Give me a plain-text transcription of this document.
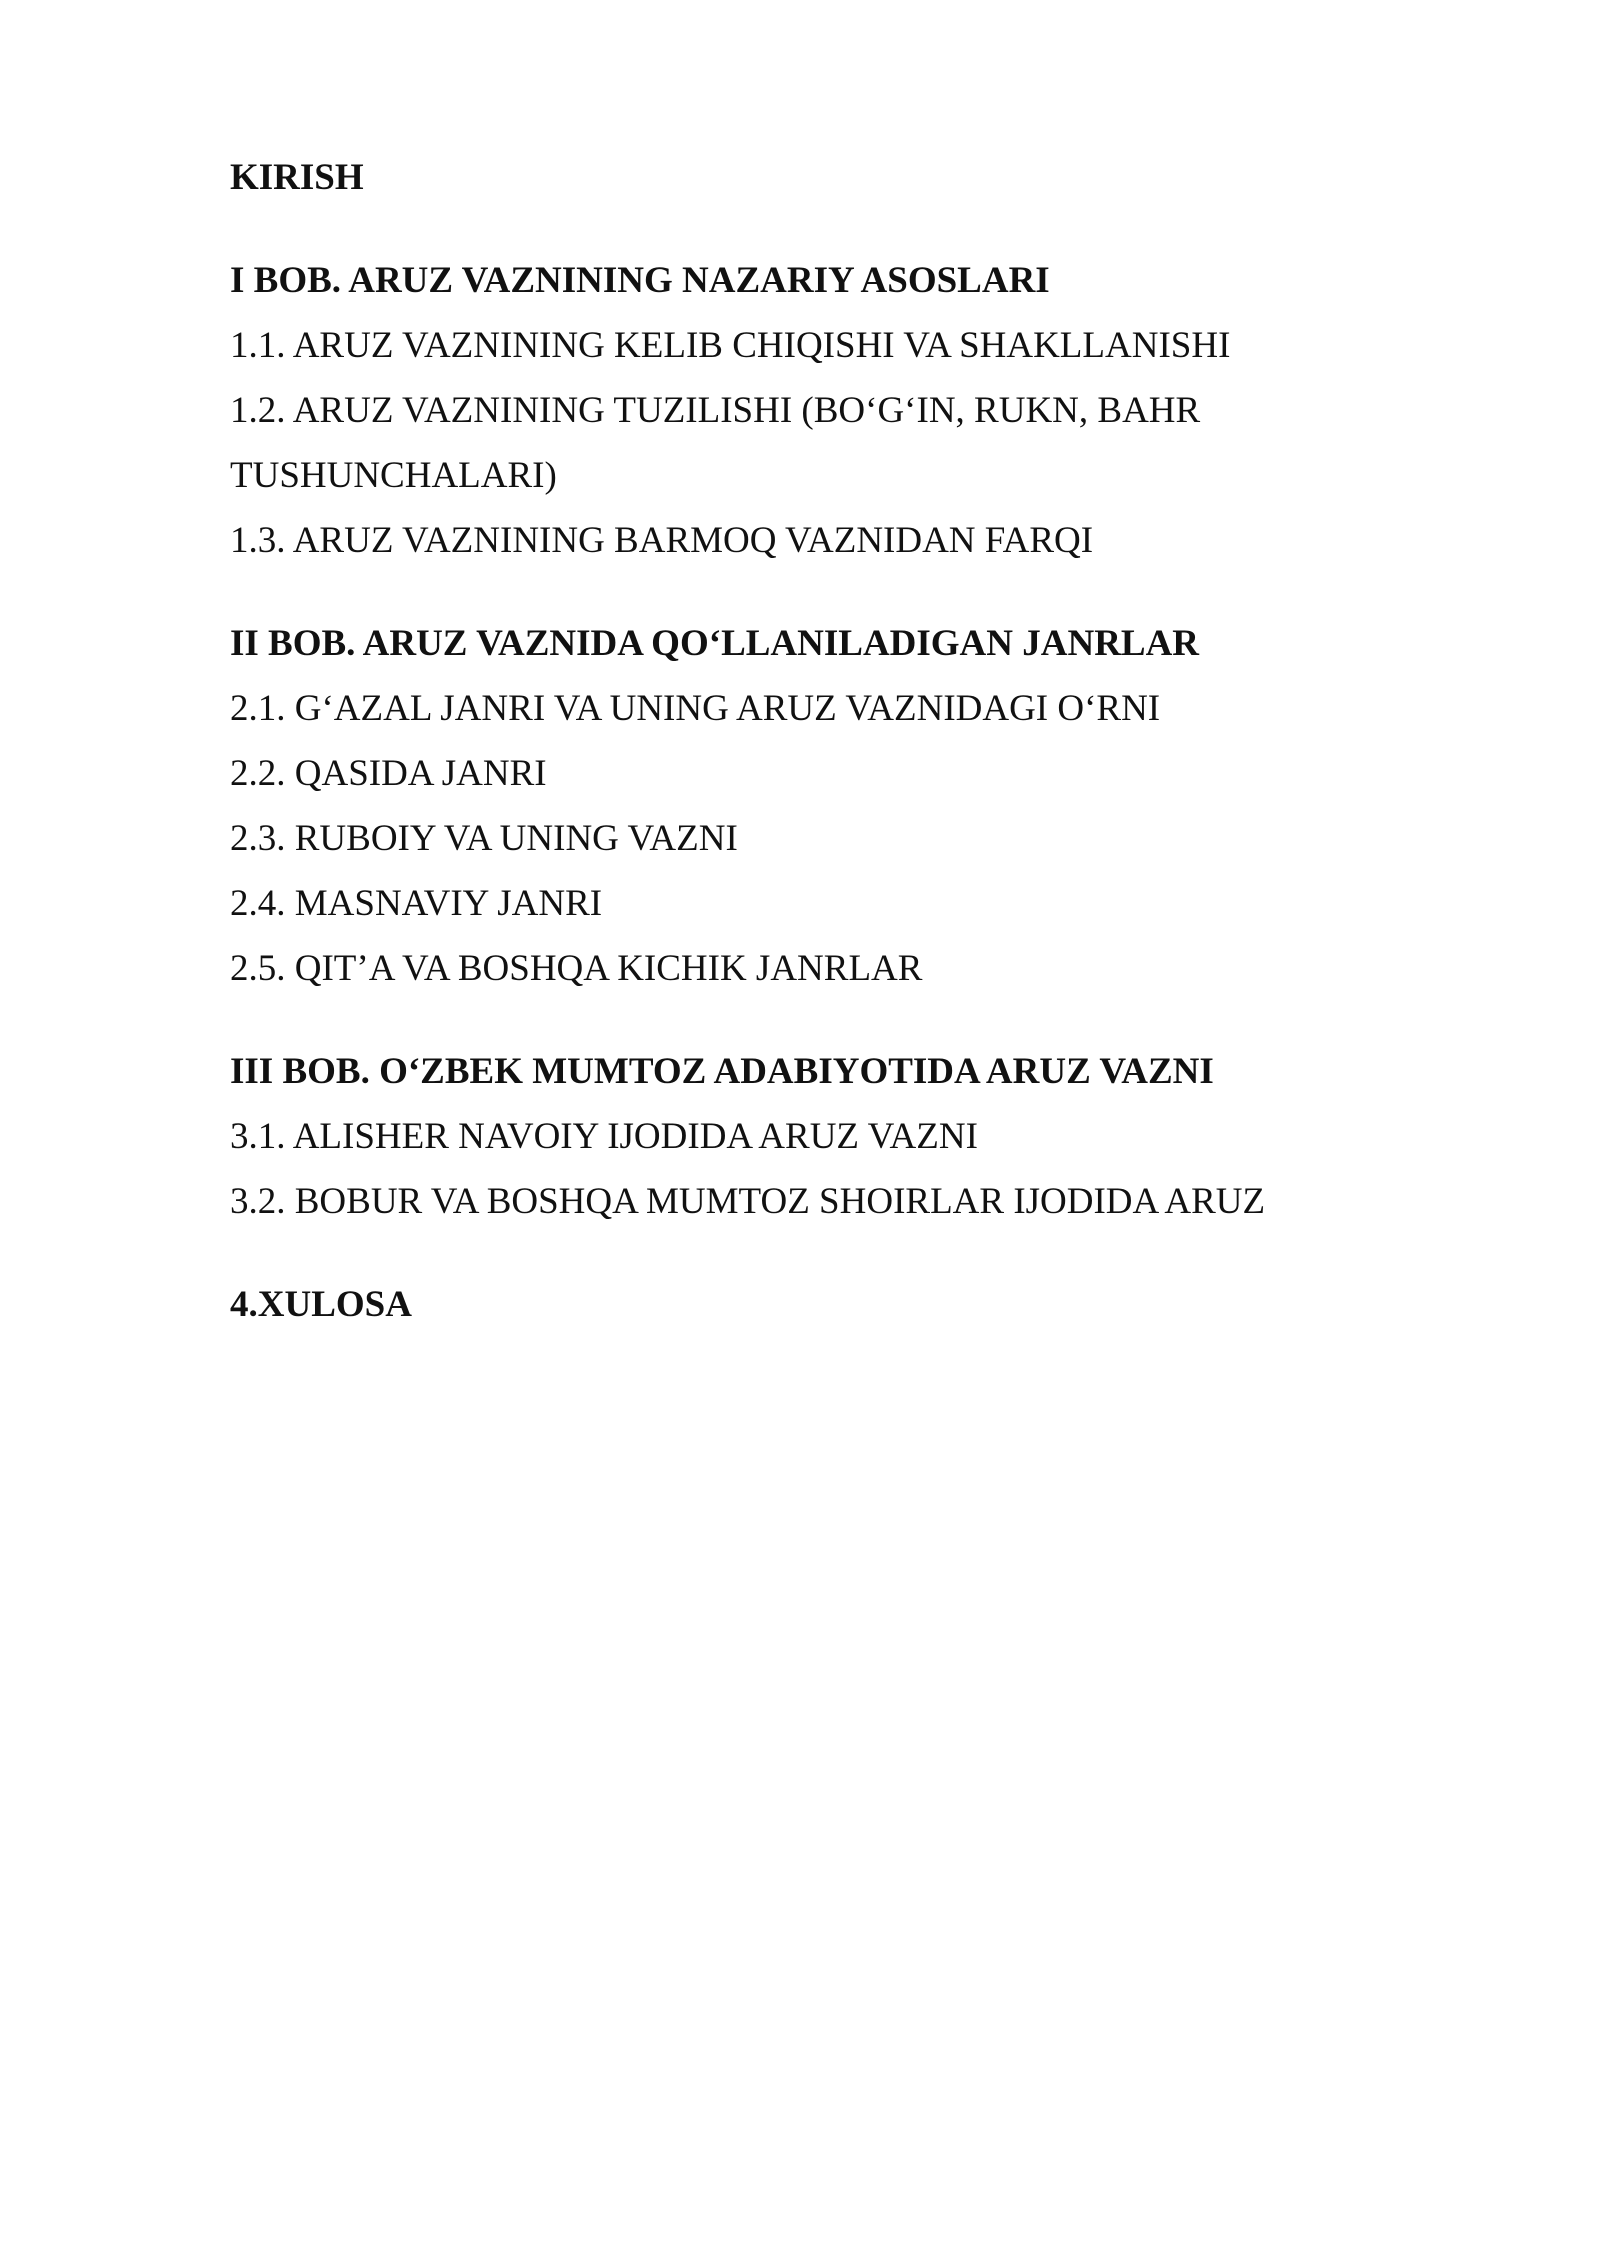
KIRISH
I BOB. ARUZ VAZNINING NAZARIY ASOSLARI
1.1. ARUZ VAZNINING KELIB CHIQISHI VA SHAKLLANISHI
1.2. ARUZ VAZNINING TUZILISHI (BO‘G‘IN, RUKN, BAHR TUSHUNCHALARI)
1.3. ARUZ VAZNINING BARMOQ VAZNIDAN FARQI
II BOB. ARUZ VAZNIDA QO‘LLANILADIGAN JANRLAR
2.1. G‘AZAL JANRI VA UNING ARUZ VAZNIDAGI O‘RNI
2.2. QASIDA JANRI
2.3. RUBOIY VA UNING VAZNI
2.4. MASNAVIY JANRI
2.5. QIT’A VA BOSHQA KICHIK JANRLAR
III BOB. O‘ZBEK MUMTOZ ADABIYOTIDA ARUZ VAZNI
3.1. ALISHER NAVOIY IJODIDA ARUZ VAZNI
3.2. BOBUR VA BOSHQA MUMTOZ SHOIRLAR IJODIDA ARUZ
4.XULOSA
